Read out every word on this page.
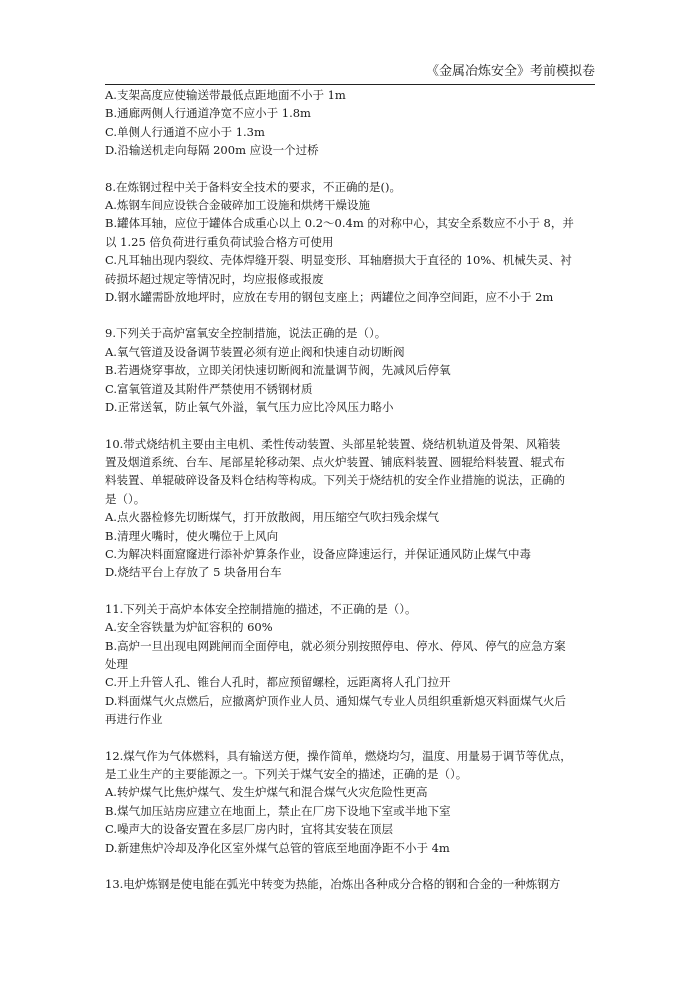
《金属冶炼安全》考前模拟卷

A.支架高度应使输送带最低点距地面不小于 1m

B.通廊两侧人行通道净宽不应小于 1.8m

C.单侧人行通道不应小于 1.3m

D.沿输送机走向每隔 200m 应设一个过桥

8.在炼钢过程中关于备料安全技术的要求，不正确的是()。

A.炼钢车间应设铁合金破碎加工设施和烘烤干燥设施

B.罐体耳轴，应位于罐体合成重心以上 0.2～0.4m 的对称中心，其安全系数应不小于 8，并

以 1.25 倍负荷进行重负荷试验合格方可使用

C.凡耳轴出现内裂纹、壳体焊缝开裂、明显变形、耳轴磨损大于直径的 10%、机械失灵、衬

砖损坏超过规定等情况时，均应报修或报废

D.钢水罐需卧放地坪时，应放在专用的钢包支座上；两罐位之间净空间距，应不小于 2m

9.下列关于高炉富氧安全控制措施，说法正确的是（）。

A.氧气管道及设备调节装置必须有逆止阀和快速自动切断阀

B.若遇烧穿事故，立即关闭快速切断阀和流量调节阀，先减风后停氧

C.富氧管道及其附件严禁使用不锈钢材质

D.正常送氧，防止氧气外溢，氧气压力应比冷风压力略小

10.带式烧结机主要由主电机、柔性传动装置、头部星轮装置、烧结机轨道及骨架、风箱装

置及烟道系统、台车、尾部星轮移动架、点火炉装置、铺底料装置、圆辊给料装置、辊式布

料装置、单辊破碎设备及料仓结构等构成。下列关于烧结机的安全作业措施的说法，正确的

是（）。

A.点火器检修先切断煤气，打开放散阀，用压缩空气吹扫残余煤气

B.清理火嘴时，使火嘴位于上风向

C.为解决料面窟窿进行添补炉算条作业，设备应降速运行，并保证通风防止煤气中毒

D.烧结平台上存放了 5 块备用台车

11.下列关于高炉本体安全控制措施的描述，不正确的是（）。

A.安全容铁量为炉缸容积的 60%

B.高炉一旦出现电网跳闸而全面停电，就必须分别按照停电、停水、停风、停气的应急方案

处理

C.开上升管人孔、锥台人孔时，都应预留螺栓，远距离将人孔门拉开

D.料面煤气火点燃后，应撤离炉顶作业人员、通知煤气专业人员组织重新熄灭料面煤气火后

再进行作业

12.煤气作为气体燃料，具有输送方便，操作简单，燃烧均匀，温度、用量易于调节等优点，

是工业生产的主要能源之一。下列关于煤气安全的描述，正确的是（）。

A.转炉煤气比焦炉煤气、发生炉煤气和混合煤气火灾危险性更高

B.煤气加压站房应建立在地面上，禁止在厂房下设地下室或半地下室

C.噪声大的设备安置在多层厂房内时，宜将其安装在顶层

D.新建焦炉冷却及净化区室外煤气总管的管底至地面净距不小于 4m

13.电炉炼钢是使电能在弧光中转变为热能，冶炼出各种成分合格的钢和合金的一种炼钢方
